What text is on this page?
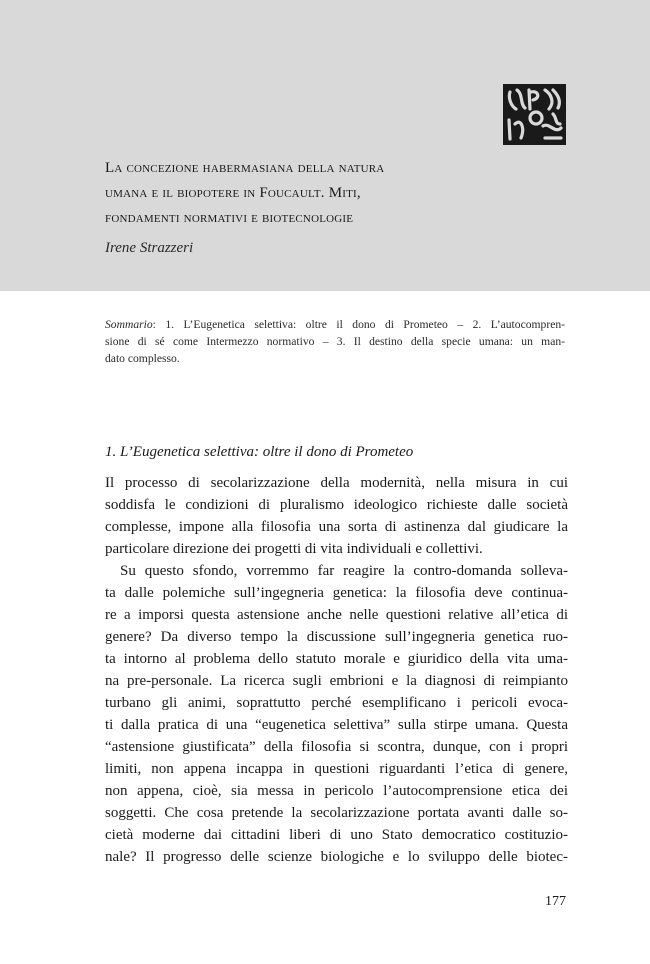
La concezione habermasiana della natura
umana e il biopotere in Foucault. Miti,
fondamenti normativi e biotecnologie
Irene Strazzeri
Sommario: 1. L’Eugenetica selettiva: oltre il dono di Prometeo – 2. L’autocompren-
sione di sé come Intermezzo normativo – 3. Il destino della specie umana: un man-
dato complesso.
1. L’Eugenetica selettiva: oltre il dono di Prometeo
Il processo di secolarizzazione della modernità, nella misura in cui
soddisfa le condizioni di pluralismo ideologico richieste dalle società
complesse, impone alla filosofia una sorta di astinenza dal giudicare la
particolare direzione dei progetti di vita individuali e collettivi.
Su questo sfondo, vorremmo far reagire la contro-domanda solleva-
ta dalle polemiche sull’ingegneria genetica: la filosofia deve continua-
re a imporsi questa astensione anche nelle questioni relative all’etica di
genere? Da diverso tempo la discussione sull’ingegneria genetica ruo-
ta intorno al problema dello statuto morale e giuridico della vita uma-
na pre-personale. La ricerca sugli embrioni e la diagnosi di reimpianto
turbano gli animi, soprattutto perché esemplificano i pericoli evoca-
ti dalla pratica di una “eugenetica selettiva” sulla stirpe umana. Questa
“astensione giustificata” della filosofia si scontra, dunque, con i propri
limiti, non appena incappa in questioni riguardanti l’etica di genere,
non appena, cioè, sia messa in pericolo l’autocomprensione etica dei
soggetti. Che cosa pretende la secolarizzazione portata avanti dalle so-
cietà moderne dai cittadini liberi di uno Stato democratico costituzio-
nale? Il progresso delle scienze biologiche e lo sviluppo delle biotec-
177
